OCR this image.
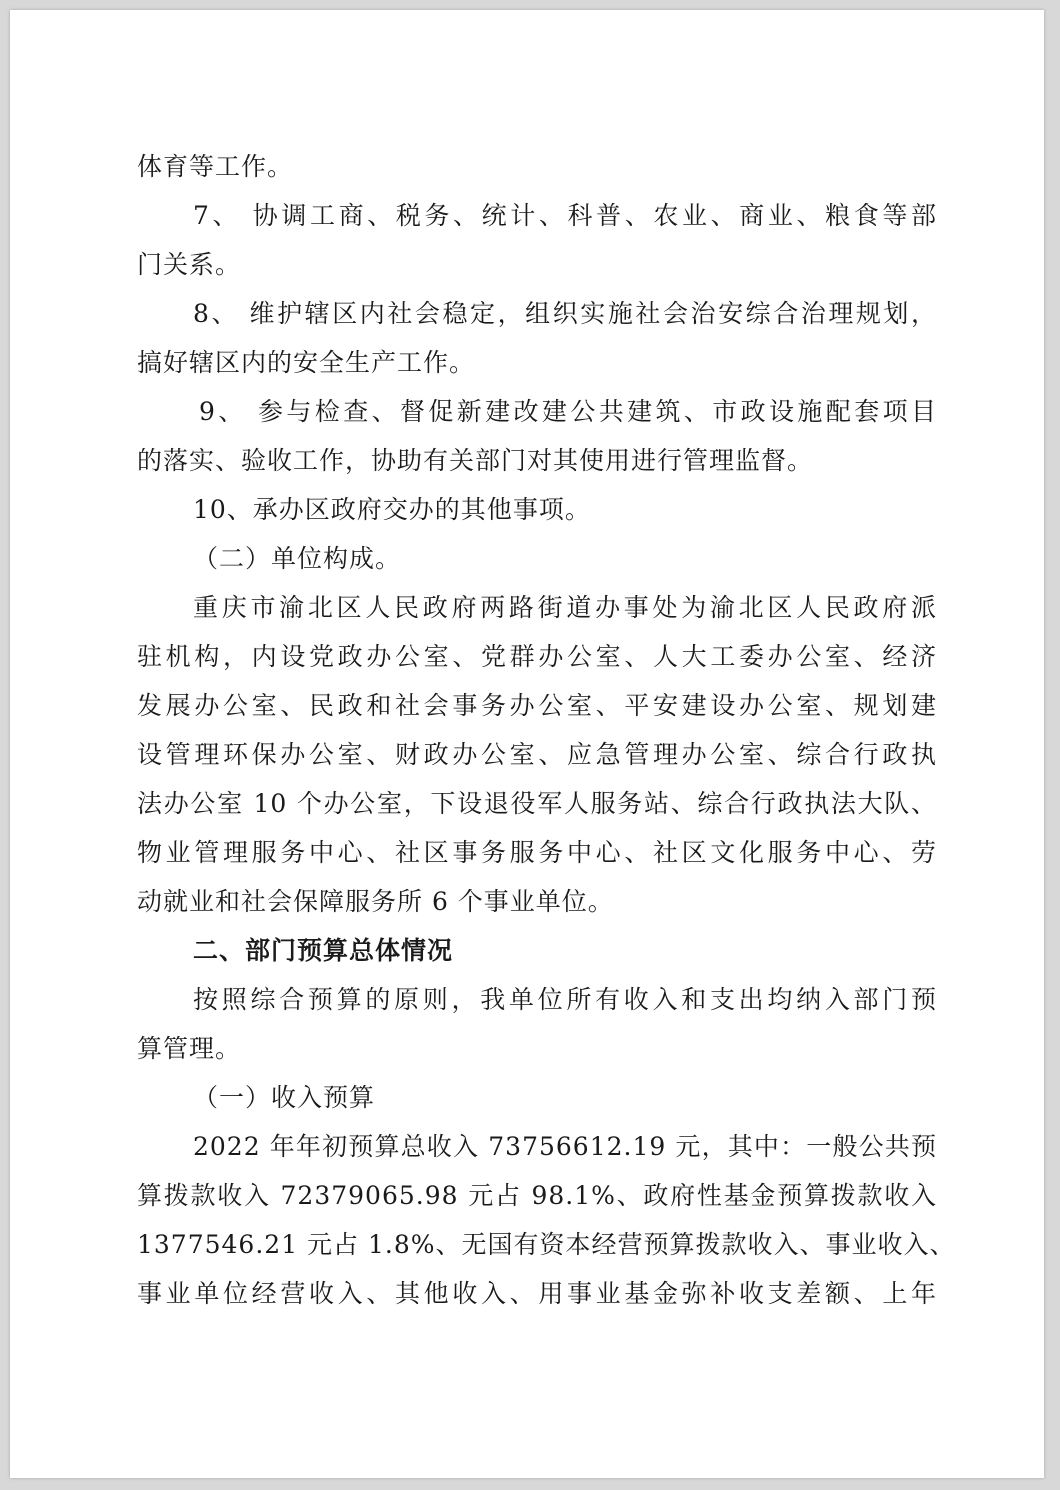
体育等工作。
7、 协调工商、税务、统计、科普、农业、商业、粮食等部
门关系。
8、 维护辖区内社会稳定，组织实施社会治安综合治理规划，
搞好辖区内的安全生产工作。
9、 参与检查、督促新建改建公共建筑、市政设施配套项目
的落实、验收工作，协助有关部门对其使用进行管理监督。
10、承办区政府交办的其他事项。
（二）单位构成。
重庆市渝北区人民政府两路街道办事处为渝北区人民政府派
驻机构，内设党政办公室、党群办公室、人大工委办公室、经济
发展办公室、民政和社会事务办公室、平安建设办公室、规划建
设管理环保办公室、财政办公室、应急管理办公室、综合行政执
法办公室 10 个办公室，下设退役军人服务站、综合行政执法大队、
物业管理服务中心、社区事务服务中心、社区文化服务中心、劳
动就业和社会保障服务所 6 个事业单位。
二、部门预算总体情况
按照综合预算的原则，我单位所有收入和支出均纳入部门预
算管理。
（一）收入预算
2022 年年初预算总收入 73756612.19 元，其中：一般公共预
算拨款收入 72379065.98 元占 98.1%、政府性基金预算拨款收入
1377546.21 元占 1.8%、无国有资本经营预算拨款收入、事业收入、
事业单位经营收入、其他收入、用事业基金弥补收支差额、上年
